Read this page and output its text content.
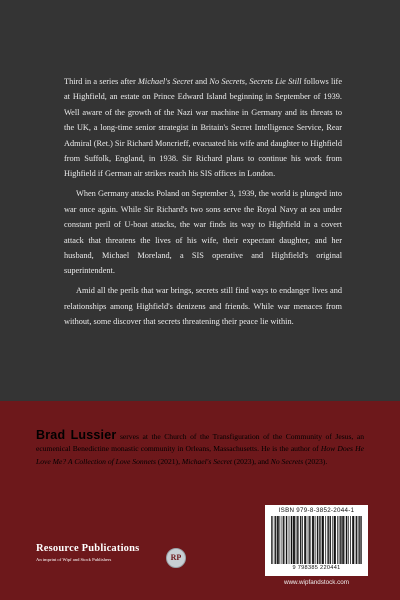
Third in a series after Michael's Secret and No Secrets, Secrets Lie Still follows life at Highfield, an estate on Prince Edward Island beginning in September of 1939. Well aware of the growth of the Nazi war machine in Germany and its threats to the UK, a long-time senior strategist in Britain's Secret Intelligence Service, Rear Admiral (Ret.) Sir Richard Moncrieff, evacuated his wife and daughter to Highfield from Suffolk, England, in 1938. Sir Richard plans to continue his work from Highfield if German air strikes reach his SIS offices in London.

When Germany attacks Poland on September 3, 1939, the world is plunged into war once again. While Sir Richard's two sons serve the Royal Navy at sea under constant peril of U-boat attacks, the war finds its way to Highfield in a covert attack that threatens the lives of his wife, their expectant daughter, and her husband, Michael Moreland, a SIS operative and Highfield's original superintendent.

Amid all the perils that war brings, secrets still find ways to endanger lives and relationships among Highfield's denizens and friends. While war menaces from without, some discover that secrets threatening their peace lie within.

Brad Lussier serves at the Church of the Transfiguration of the Community of Jesus, an ecumenical Benedictine monastic community in Orleans, Massachusetts. He is the author of How Does He Love Me? A Collection of Love Sonnets (2021), Michael's Secret (2023), and No Secrets (2023).
Resource Publications
An imprint of Wipf and Stock Publishers	RP
ISBN 979-8-3852-2044-1
9 798385 220441
www.wipfandstock.com
